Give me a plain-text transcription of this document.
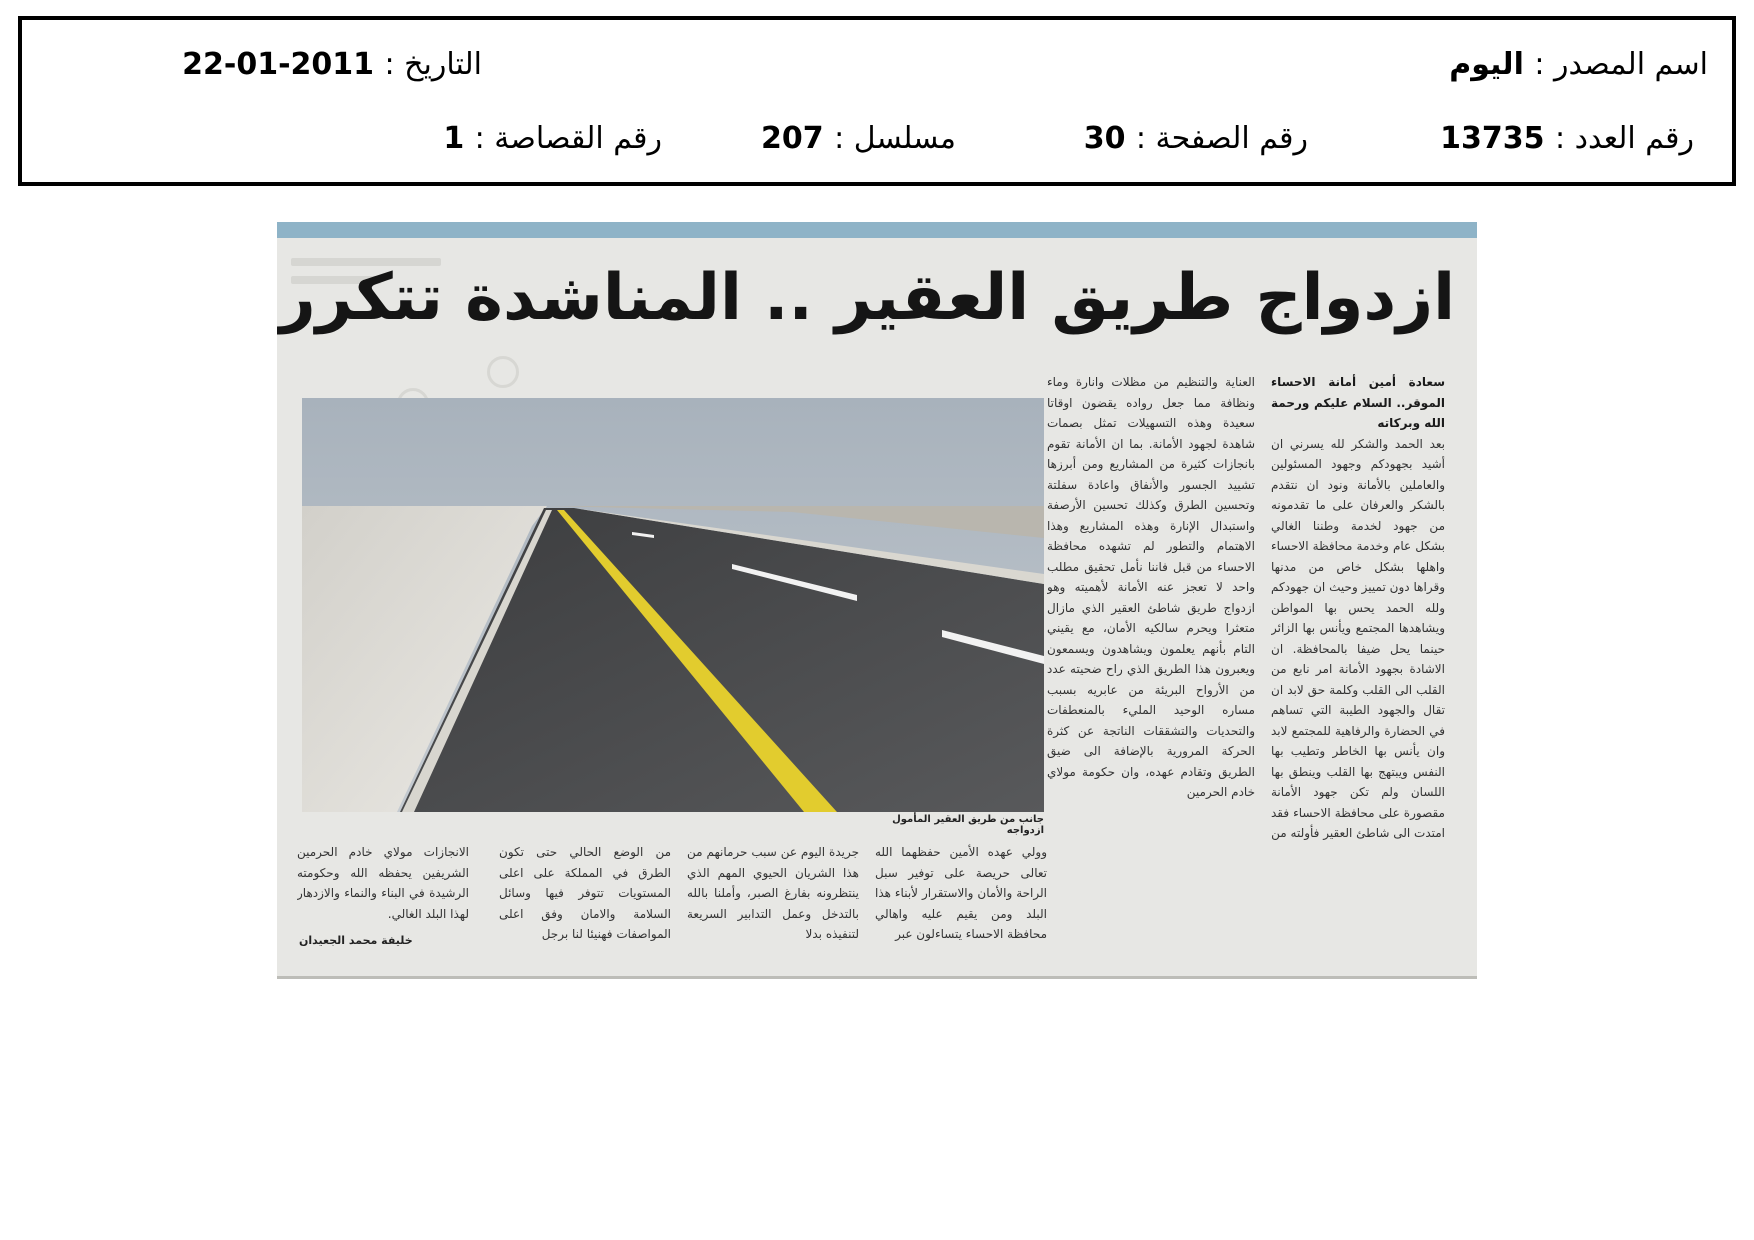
اسم المصدر : اليوم
التاريخ : 2011-01-22
رقم العدد : 13735
رقم الصفحة : 30
مسلسل : 207
رقم القصاصة : 1
ازدواج طريق العقير .. المناشدة تتكرر
جانب من طريق العقير المأمول ازدواجه

سعادة أمين أمانة الاحساء الموقر.. السلام عليكم ورحمة الله وبركاته

بعد الحمد والشكر لله يسرني ان أشيد بجهودكم وجهود المسئولين والعاملين بالأمانة ونود ان نتقدم بالشكر والعرفان على ما تقدمونه من جهود لخدمة وطننا الغالي بشكل عام وخدمة محافظة الاحساء واهلها بشكل خاص من مدنها وقراها دون تمييز وحيث ان جهودكم ولله الحمد يحس بها المواطن ويشاهدها المجتمع ويأنس بها الزائر حينما يحل ضيفا بالمحافظة. ان الاشادة بجهود الأمانة امر نابع من القلب الى القلب وكلمة حق لابد ان تقال والجهود الطيبة التي تساهم في الحضارة والرفاهية للمجتمع لابد وان يأنس بها الخاطر وتطيب بها النفس ويبتهج بها القلب وينطق بها اللسان ولم تكن جهود الأمانة مقصورة على محافظة الاحساء فقد امتدت الى شاطئ العقير فأولته من

العناية والتنظيم من مظلات وانارة وماء ونظافة مما جعل رواده يقضون اوقاتا سعيدة وهذه التسهيلات تمثل بصمات شاهدة لجهود الأمانة. بما ان الأمانة تقوم بانجازات كثيرة من المشاريع ومن أبرزها تشييد الجسور والأنفاق واعادة سفلتة وتحسين الطرق وكذلك تحسين الأرصفة واستبدال الإنارة وهذه المشاريع وهذا الاهتمام والتطور لم تشهده محافظة الاحساء من قبل فاننا نأمل تحقيق مطلب واحد لا تعجز عنه الأمانة لأهميته وهو ازدواج طريق شاطئ العقير الذي مازال متعثرا ويحرم سالكيه الأمان، مع يقيني التام بأنهم يعلمون ويشاهدون ويسمعون ويعبرون هذا الطريق الذي راح ضحيته عدد من الأرواح البريئة من عابريه بسبب مساره الوحيد المليء بالمنعطفات والتحديات والتشققات الناتجة عن كثرة الحركة المرورية بالإضافة الى ضيق الطريق وتقادم عهده، وان حكومة مولاي خادم الحرمين

وولي عهده الأمين حفظهما الله تعالى حريصة على توفير سبل الراحة والأمان والاستقرار لأبناء هذا البلد ومن يقيم عليه واهالي محافظة الاحساء يتساءلون عبر

جريدة اليوم عن سبب حرمانهم من هذا الشريان الحيوي المهم الذي ينتظرونه بفارغ الصبر، وأملنا بالله بالتدخل وعمل التدابير السريعة لتنفيذه بدلا

من الوضع الحالي حتى تكون الطرق في المملكة على اعلى المستويات تتوفر فيها وسائل السلامة والامان وفق اعلى المواصفات فهنيئا لنا برجل

الانجازات مولاي خادم الحرمين الشريفين يحفظه الله وحكومته الرشيدة في البناء والنماء والازدهار لهذا البلد الغالي.

خليفة محمد الجعيدان
